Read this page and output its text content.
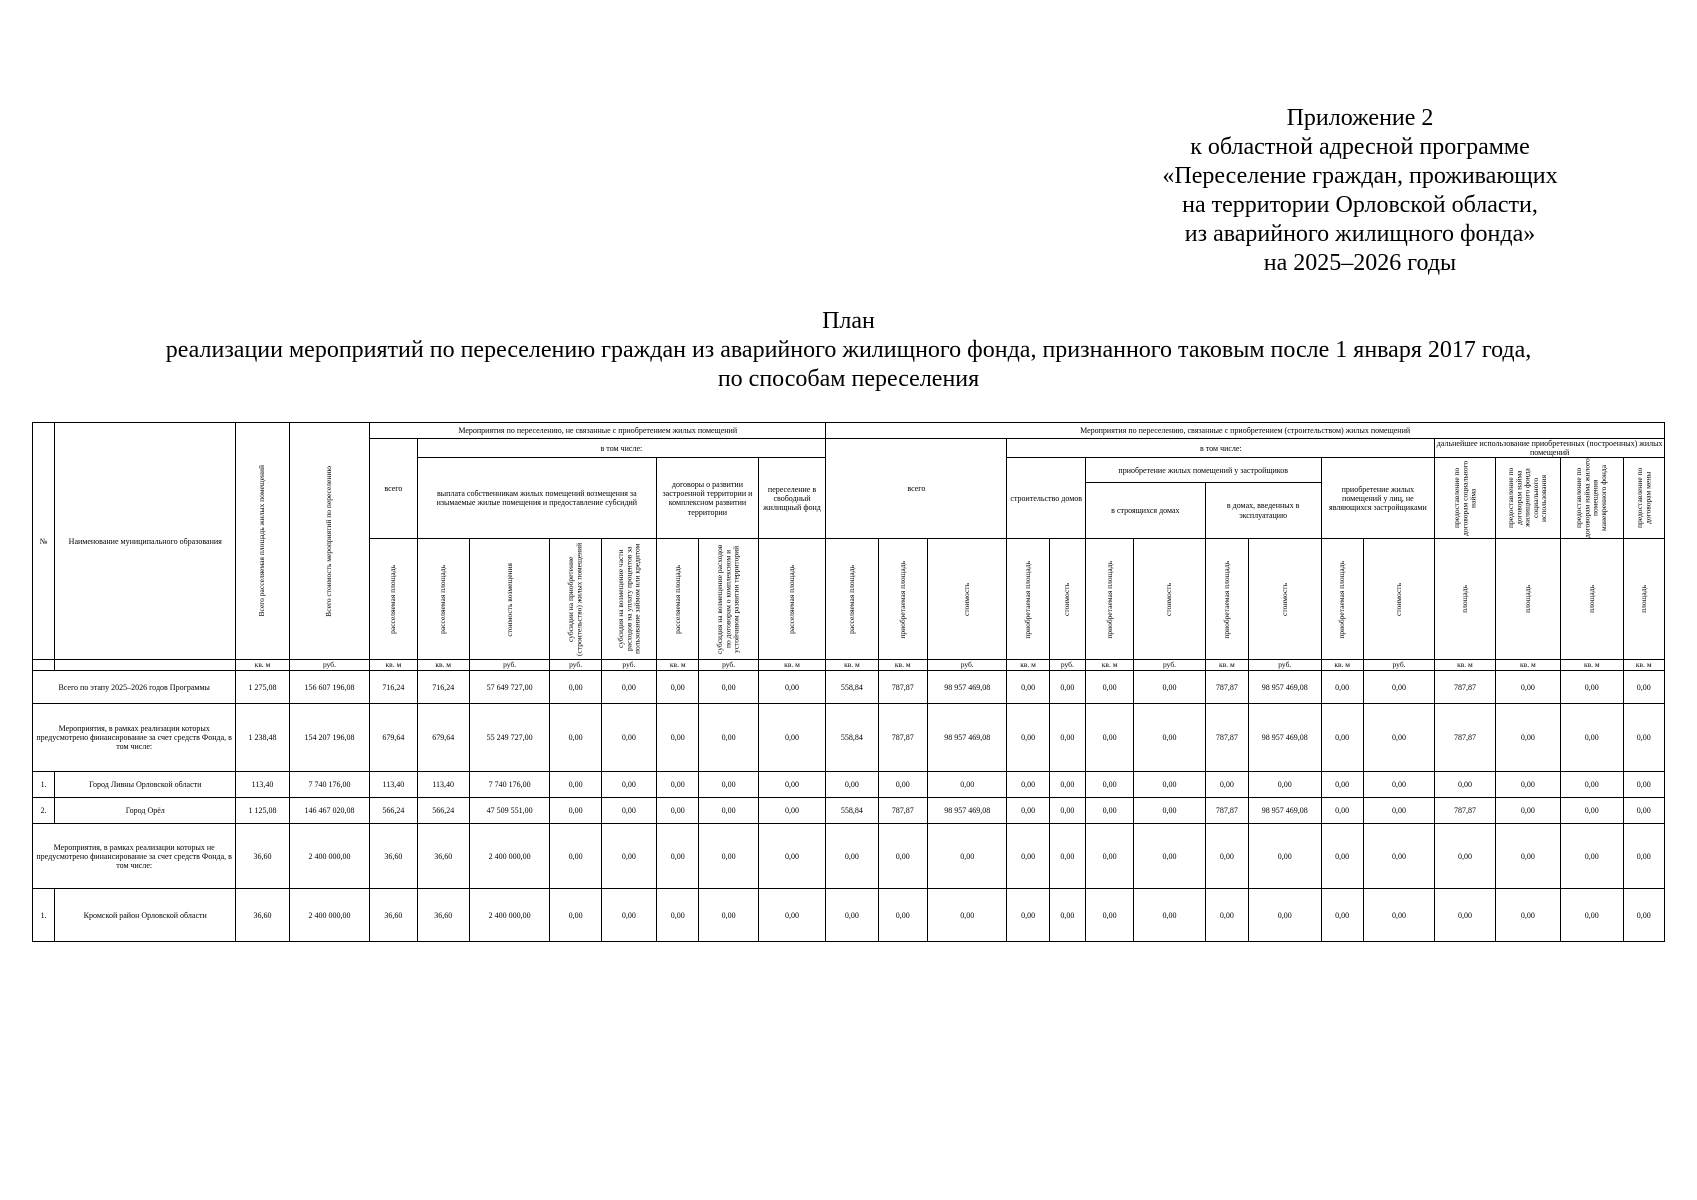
Приложение 2
к областной адресной программе
«Переселение граждан, проживающих
на территории Орловской области,
из аварийного жилищного фонда»
на 2025–2026 годы
План
реализации мероприятий по переселению граждан из аварийного жилищного фонда, признанного таковым после 1 января 2017 года,
по способам переселения
№	Наименование муниципального образования	Всего расселяемая площадь жилых помещений	Всего стоимость мероприятий по переселению	Мероприятия по переселению, не связанные с приобретением жилых помещений								Мероприятия по переселению, связанные с приобретением (строительством) жилых помещений														
				всего	в том числе:							всего			в том числе:								дальнейшее использование приобретенных (построенных) жилых помещений			
					выплата собственникам жилых помещений возмещения за изымаемые жилые помещения и предоставление субсидий				договоры о развитии застроенной территории и комплексном развитии территории		переселение в свободный жилищный фонд				строительство домов		приобретение жилых помещений у застройщиков				приобретение жилых помещений у лиц, не являющихся застройщиками		предоставление по договорам социального найма	предоставление по договорам найма жилищного фонда социального использования	предоставление по договорам найма жилого помещения маневренного фонда	предоставление по договорам мены

																	в строящихся домах		в домах, введенных в эксплуатацию							

				расселяемая площадь	расселяемая площадь	стоимость возмещения	субсидии на приобретение (строительство) жилых помещений	субсидия на возмещение части расходов на уплату процентов за пользование займом или кредитом	расселяемая площадь	субсидия на возмещение расходов по договорам о комплексном и устойчивом развитии территорий	расселяемая площадь	расселяемая площадь	приобретаемая площадь	стоимость	приобретаемая площадь	стоимость	приобретаемая площадь	стоимость	приобретаемая площадь	стоимость	приобретаемая площадь	стоимость	площадь	площадь	площадь	площадь

		кв. м	руб.	кв. м	кв. м	руб.	руб.	руб.	кв. м	руб.	кв. м	кв. м	кв. м	руб.	кв. м	руб.	кв. м	руб.	кв. м	руб.	кв. м	руб.	кв. м	кв. м	кв. м	кв. м
Всего по этапу 2025–2026 годов Программы		1 275,08	156 607 196,08	716,24	716,24	57 649 727,00	0,00	0,00	0,00	0,00	0,00	558,84	787,87	98 957 469,08	0,00	0,00	0,00	0,00	787,87	98 957 469,08	0,00	0,00	787,87	0,00	0,00	0,00
Мероприятия, в рамках реализации которых предусмотрено финансирование за счет средств Фонда, в том числе:		1 238,48	154 207 196,08	679,64	679,64	55 249 727,00	0,00	0,00	0,00	0,00	0,00	558,84	787,87	98 957 469,08	0,00	0,00	0,00	0,00	787,87	98 957 469,08	0,00	0,00	787,87	0,00	0,00	0,00
1.	Город Ливны Орловской области	113,40	7 740 176,00	113,40	113,40	7 740 176,00	0,00	0,00	0,00	0,00	0,00	0,00	0,00	0,00	0,00	0,00	0,00	0,00	0,00	0,00	0,00	0,00	0,00	0,00	0,00	0,00
2.	Город Орёл	1 125,08	146 467 020,08	566,24	566,24	47 509 551,00	0,00	0,00	0,00	0,00	0,00	558,84	787,87	98 957 469,08	0,00	0,00	0,00	0,00	787,87	98 957 469,08	0,00	0,00	787,87	0,00	0,00	0,00
Мероприятия, в рамках реализации которых не предусмотрено финансирование за счет средств Фонда, в том числе:		36,60	2 400 000,00	36,60	36,60	2 400 000,00	0,00	0,00	0,00	0,00	0,00	0,00	0,00	0,00	0,00	0,00	0,00	0,00	0,00	0,00	0,00	0,00	0,00	0,00	0,00	0,00
1.	Кромской район Орловской области	36,60	2 400 000,00	36,60	36,60	2 400 000,00	0,00	0,00	0,00	0,00	0,00	0,00	0,00	0,00	0,00	0,00	0,00	0,00	0,00	0,00	0,00	0,00	0,00	0,00	0,00	0,00
